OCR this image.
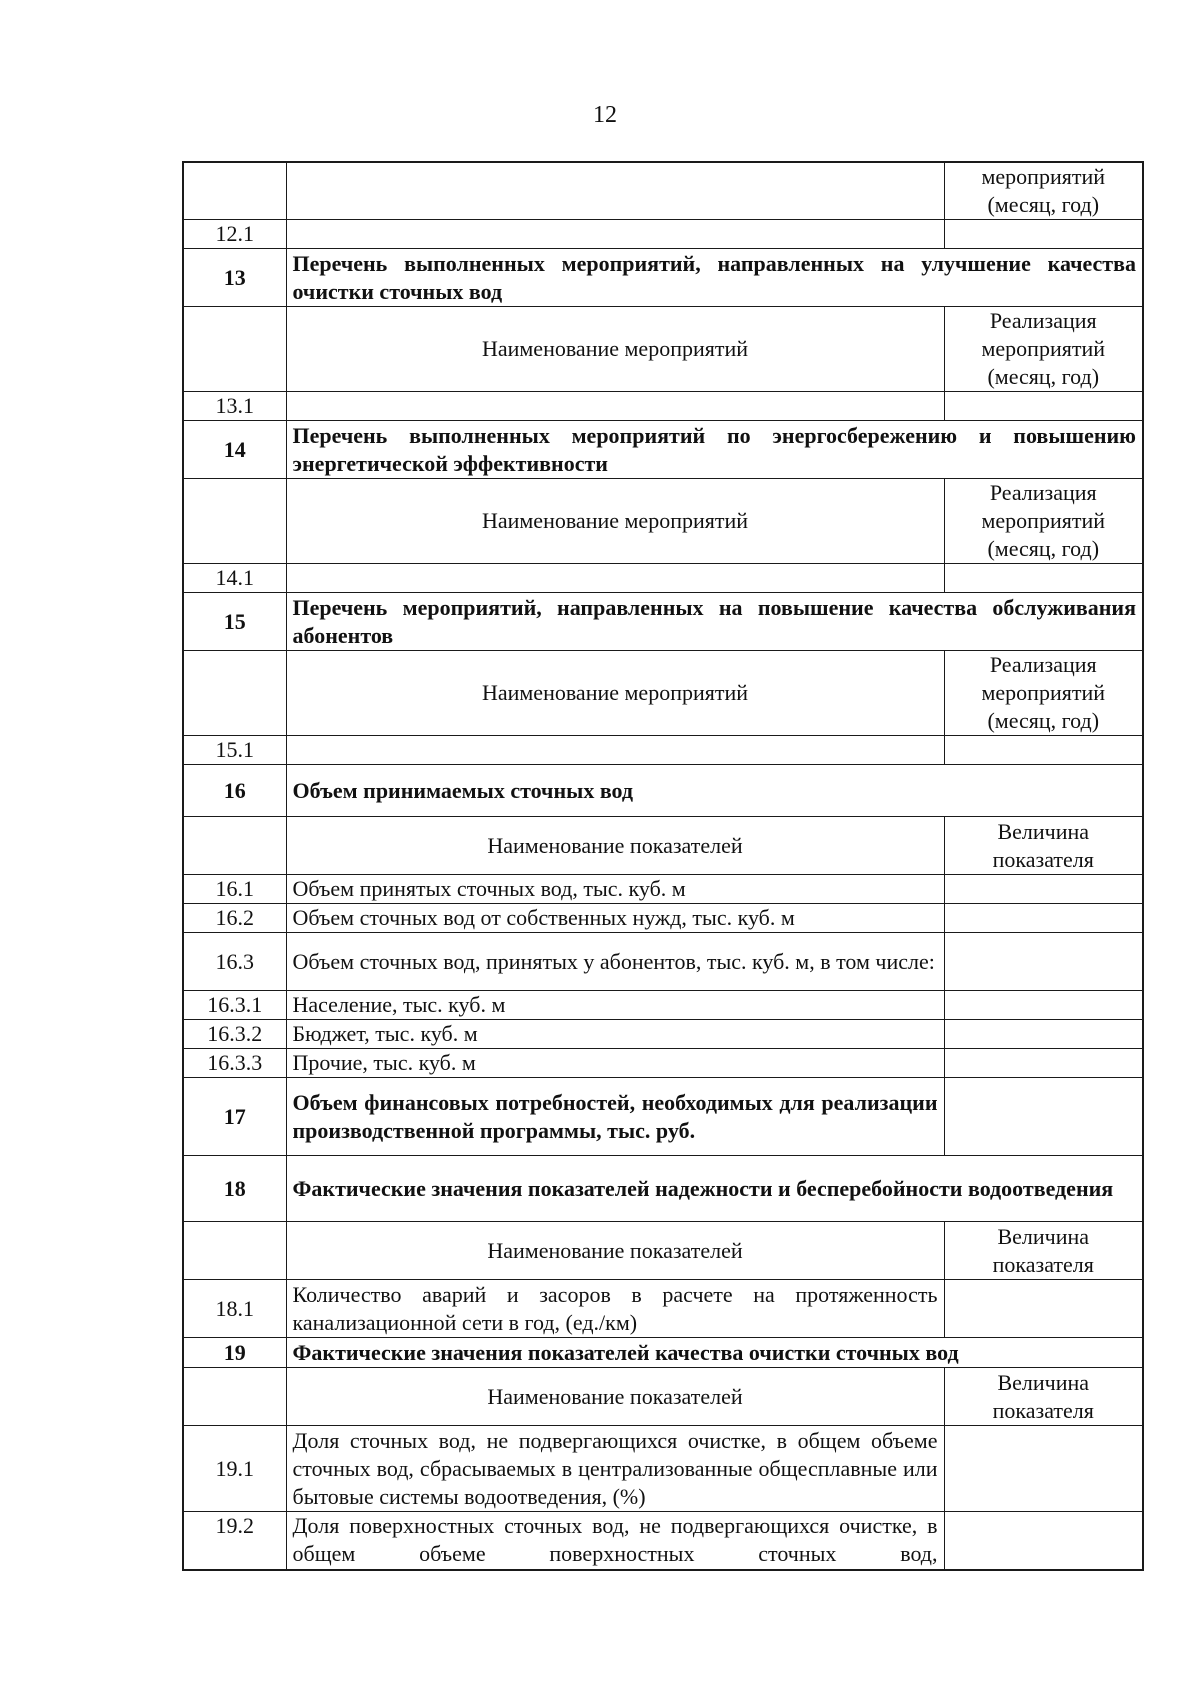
12
		мероприятий (месяц, год)
12.1		
13	Перечень выполненных мероприятий, направленных на улучшение качества очистки сточных вод	
	Наименование мероприятий	Реализация мероприятий (месяц, год)
13.1		
14	Перечень выполненных мероприятий по энергосбережению и повышению энергетической эффективности	
	Наименование мероприятий	Реализация мероприятий (месяц, год)
14.1		
15	Перечень мероприятий, направленных на повышение качества обслуживания абонентов	
	Наименование мероприятий	Реализация мероприятий (месяц, год)
15.1		
16	Объем принимаемых сточных вод	
	Наименование показателей	Величина показателя
16.1	Объем принятых сточных вод, тыс. куб. м	
16.2	Объем сточных вод от собственных нужд, тыс. куб. м	
16.3	Объем сточных вод, принятых у абонентов, тыс. куб. м, в том числе:	
16.3.1	Население, тыс. куб. м	
16.3.2	Бюджет, тыс. куб. м	
16.3.3	Прочие, тыс. куб. м	
17	Объем финансовых потребностей, необходимых для реализации производственной программы, тыс. руб.	
18	Фактические значения показателей надежности и бесперебойности водоотведения	
	Наименование показателей	Величина показателя
18.1	Количество аварий и засоров в расчете на протяженность канализационной сети в год, (ед./км)	
19	Фактические значения показателей качества очистки сточных вод	
	Наименование показателей	Величина показателя
19.1	Доля сточных вод, не подвергающихся очистке, в общем объеме сточных вод, сбрасываемых в централизованные общесплавные или бытовые системы водоотведения, (%)	
19.2	Доля поверхностных сточных вод, не подвергающихся очистке, в общем объеме поверхностных сточных вод,	
